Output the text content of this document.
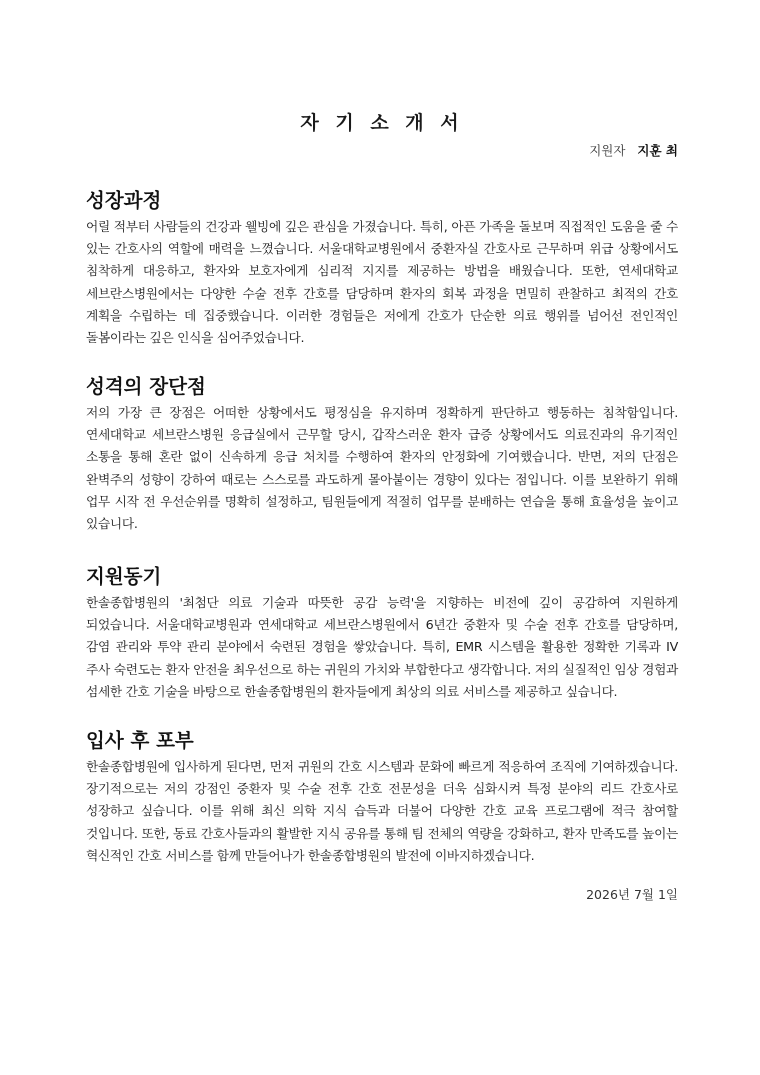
자 기 소 개 서
지원자 지훈 최
성장과정

어릴 적부터 사람들의 건강과 웰빙에 깊은 관심을 가졌습니다. 특히, 아픈 가족을 돌보며 직접적인 도움을 줄 수 있는 간호사의 역할에 매력을 느꼈습니다. 서울대학교병원에서 중환자실 간호사로 근무하며 위급 상황에서도 침착하게 대응하고, 환자와 보호자에게 심리적 지지를 제공하는 방법을 배웠습니다. 또한, 연세대학교 세브란스병원에서는 다양한 수술 전후 간호를 담당하며 환자의 회복 과정을 면밀히 관찰하고 최적의 간호 계획을 수립하는 데 집중했습니다. 이러한 경험들은 저에게 간호가 단순한 의료 행위를 넘어선 전인적인 돌봄이라는 깊은 인식을 심어주었습니다.

성격의 장단점

저의 가장 큰 장점은 어떠한 상황에서도 평정심을 유지하며 정확하게 판단하고 행동하는 침착함입니다. 연세대학교 세브란스병원 응급실에서 근무할 당시, 갑작스러운 환자 급증 상황에서도 의료진과의 유기적인 소통을 통해 혼란 없이 신속하게 응급 처치를 수행하여 환자의 안정화에 기여했습니다. 반면, 저의 단점은 완벽주의 성향이 강하여 때로는 스스로를 과도하게 몰아붙이는 경향이 있다는 점입니다. 이를 보완하기 위해 업무 시작 전 우선순위를 명확히 설정하고, 팀원들에게 적절히 업무를 분배하는 연습을 통해 효율성을 높이고 있습니다.

지원동기

한솔종합병원의 '최첨단 의료 기술과 따뜻한 공감 능력'을 지향하는 비전에 깊이 공감하여 지원하게 되었습니다. 서울대학교병원과 연세대학교 세브란스병원에서 6년간 중환자 및 수술 전후 간호를 담당하며, 감염 관리와 투약 관리 분야에서 숙련된 경험을 쌓았습니다. 특히, EMR 시스템을 활용한 정확한 기록과 IV 주사 숙련도는 환자 안전을 최우선으로 하는 귀원의 가치와 부합한다고 생각합니다. 저의 실질적인 임상 경험과 섬세한 간호 기술을 바탕으로 한솔종합병원의 환자들에게 최상의 의료 서비스를 제공하고 싶습니다.

입사 후 포부

한솔종합병원에 입사하게 된다면, 먼저 귀원의 간호 시스템과 문화에 빠르게 적응하여 조직에 기여하겠습니다. 장기적으로는 저의 강점인 중환자 및 수술 전후 간호 전문성을 더욱 심화시켜 특정 분야의 리드 간호사로 성장하고 싶습니다. 이를 위해 최신 의학 지식 습득과 더불어 다양한 간호 교육 프로그램에 적극 참여할 것입니다. 또한, 동료 간호사들과의 활발한 지식 공유를 통해 팀 전체의 역량을 강화하고, 환자 만족도를 높이는 혁신적인 간호 서비스를 함께 만들어나가 한솔종합병원의 발전에 이바지하겠습니다.

2026년 7월 1일
